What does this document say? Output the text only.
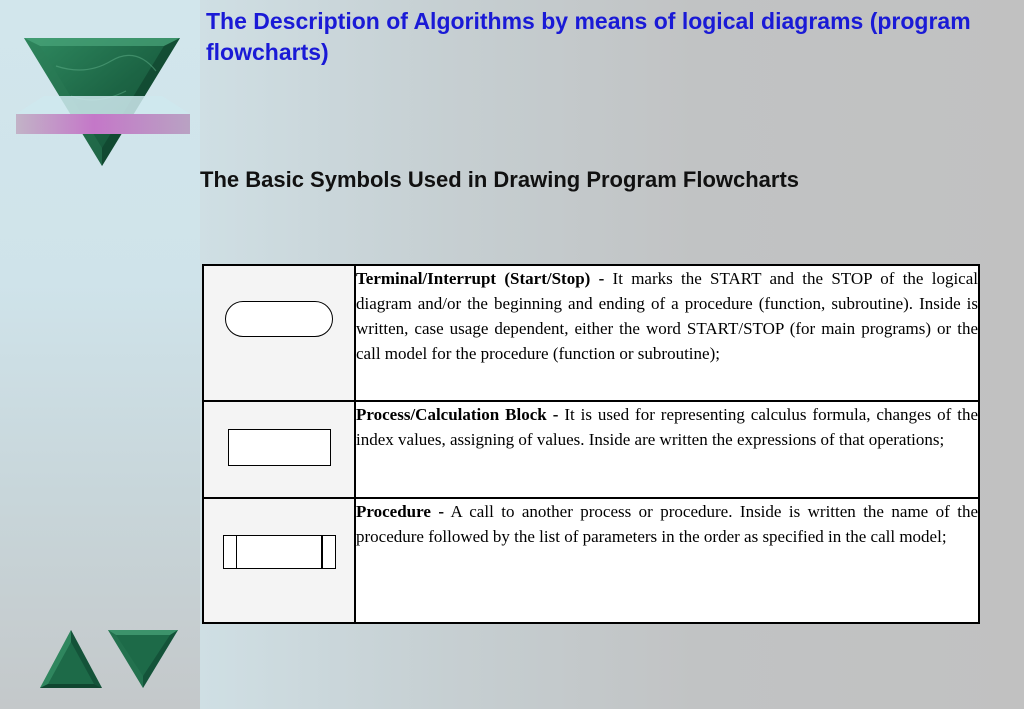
The Description of Algorithms by means of logical diagrams (program flowcharts)
The Basic Symbols Used in Drawing Program Flowcharts
	Terminal/Interrupt (Start/Stop) - It marks the START and the STOP of the logical diagram and/or the beginning and ending of a procedure (function, subroutine). Inside is written, case usage dependent, either the word START/STOP (for main programs) or the call model for the procedure (function or subroutine);
	Process/Calculation Block - It is used for representing calculus formula, changes of the index values, assigning of values. Inside are written the expressions of that operations;

	Procedure - A call to another process or procedure. Inside is written the name of the procedure followed by the list of parameters in the order as specified in the call model;
